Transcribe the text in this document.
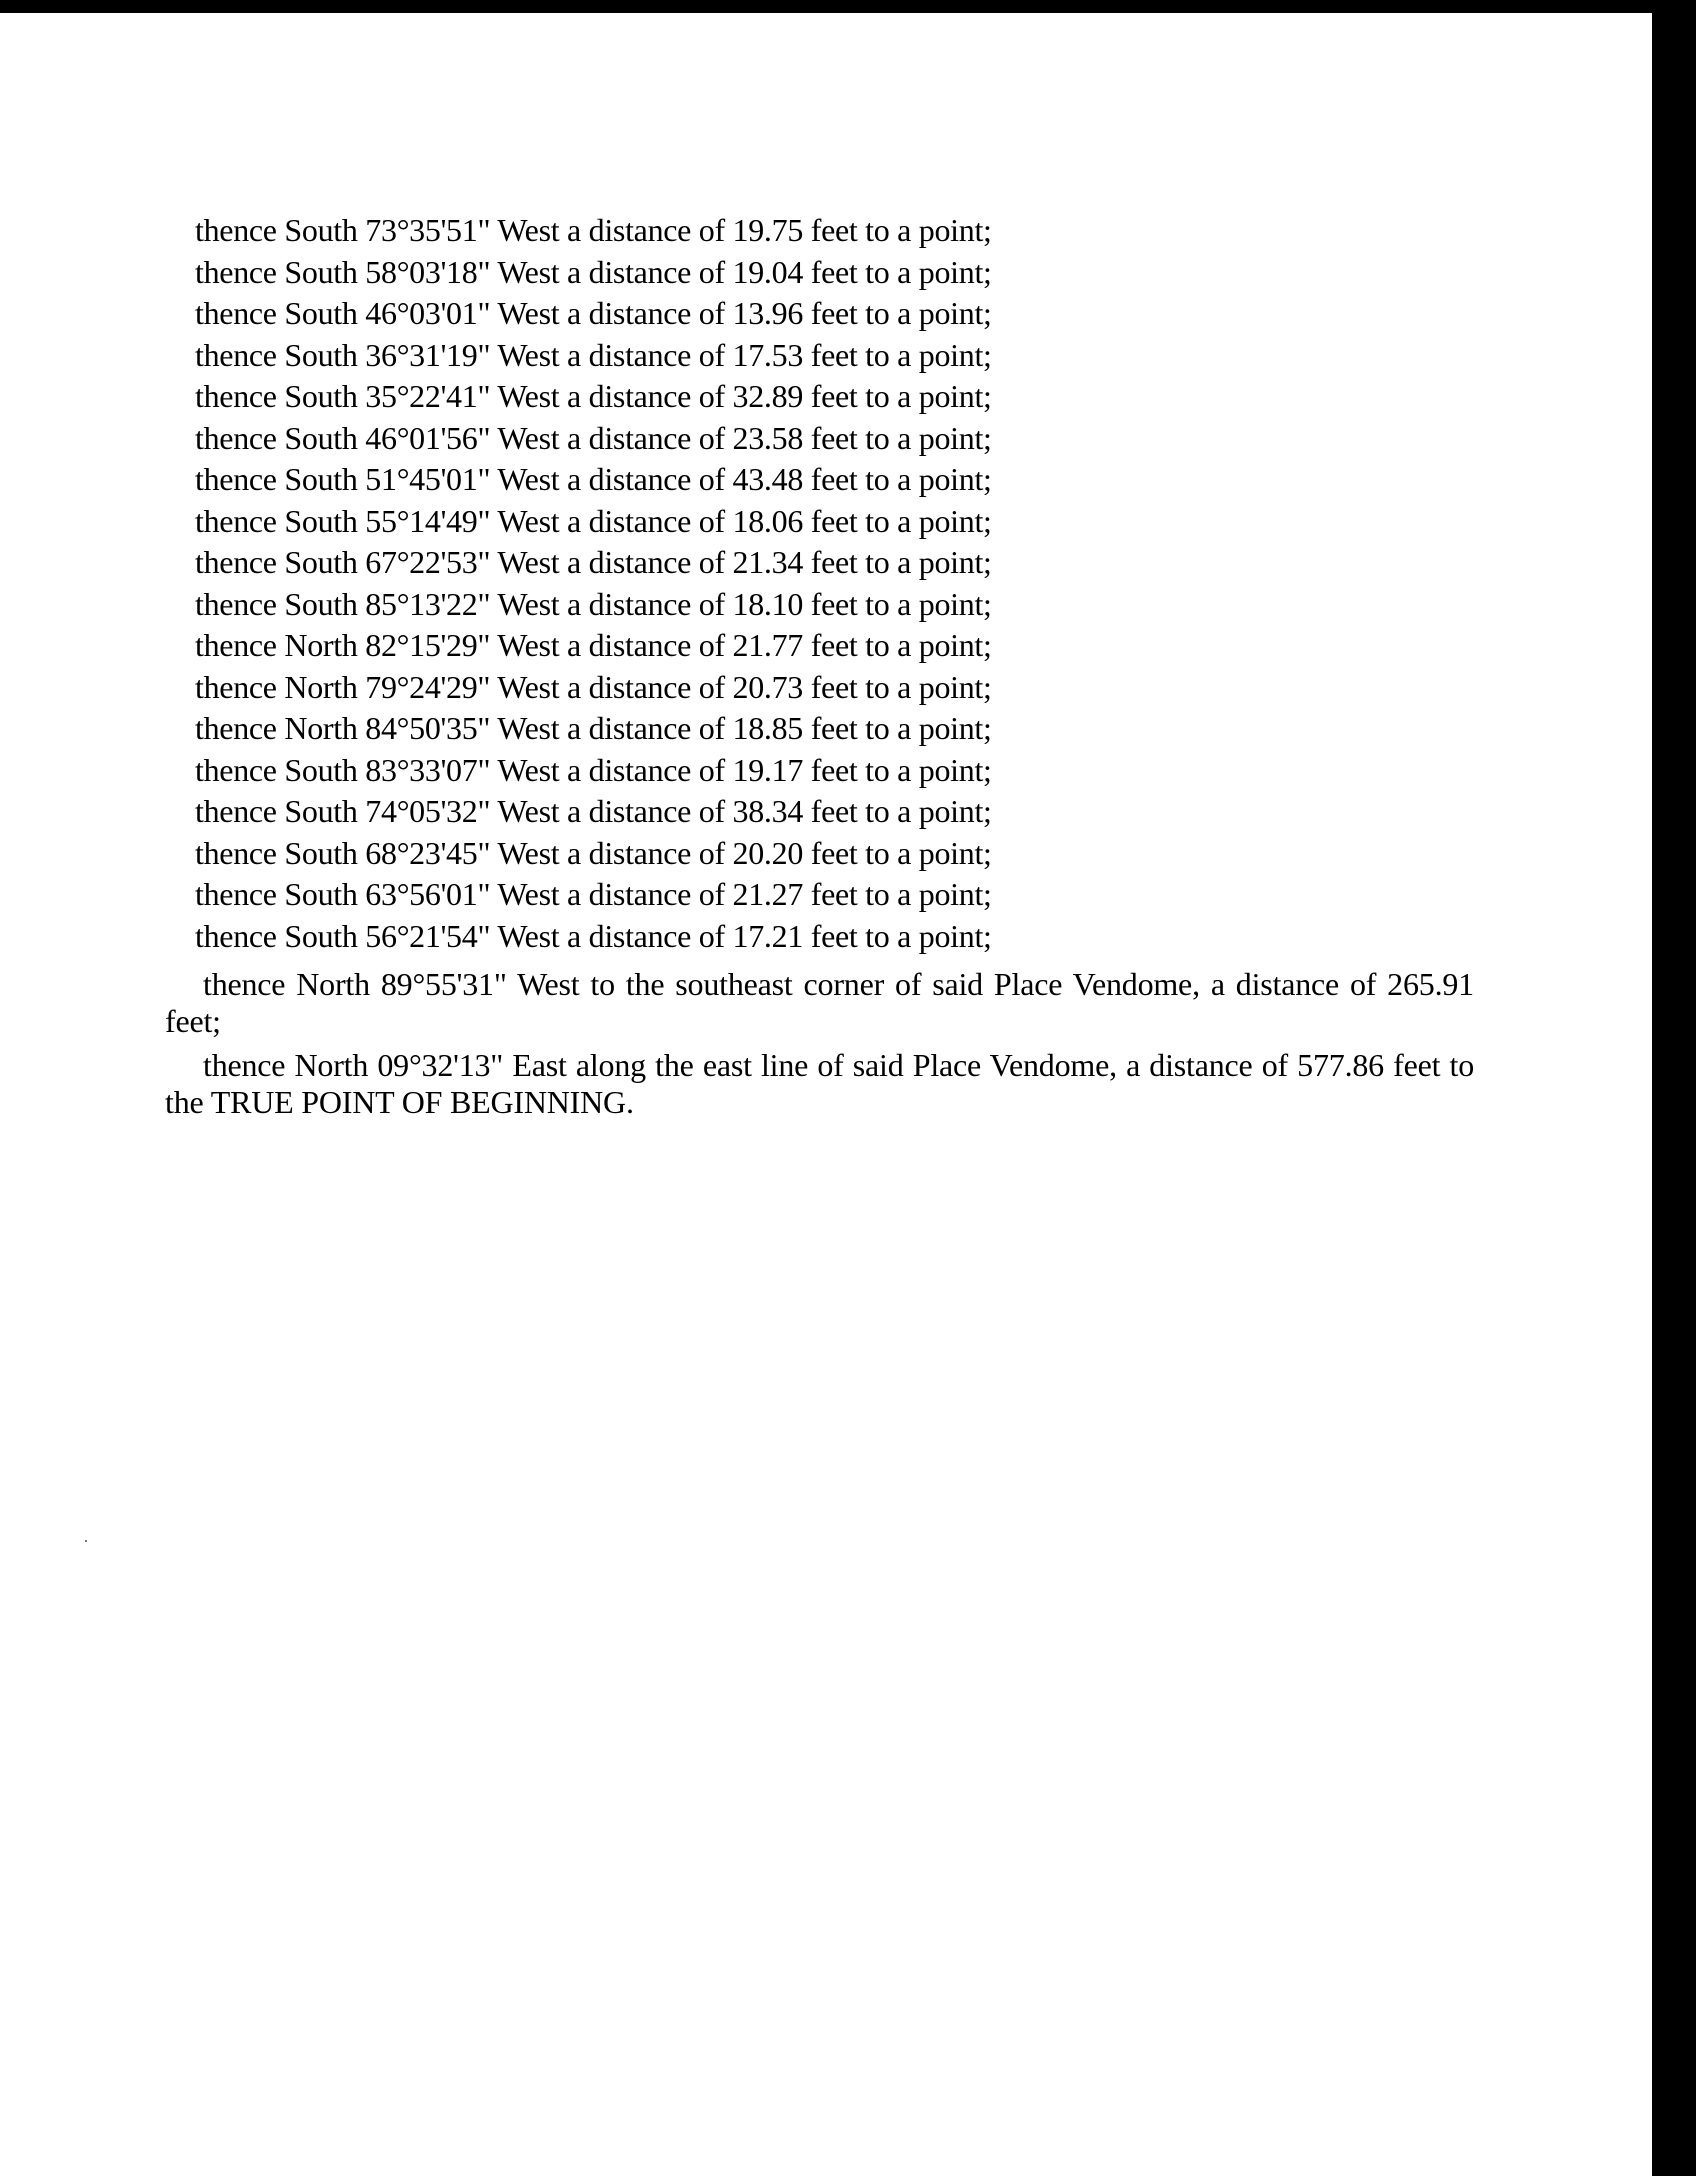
thence South 73°35'51" West a distance of 19.75 feet to a point;
thence South 58°03'18" West a distance of 19.04 feet to a point;
thence South 46°03'01" West a distance of 13.96 feet to a point;
thence South 36°31'19" West a distance of 17.53 feet to a point;
thence South 35°22'41" West a distance of 32.89 feet to a point;
thence South 46°01'56" West a distance of 23.58 feet to a point;
thence South 51°45'01" West a distance of 43.48 feet to a point;
thence South 55°14'49" West a distance of 18.06 feet to a point;
thence South 67°22'53" West a distance of 21.34 feet to a point;
thence South 85°13'22" West a distance of 18.10 feet to a point;
thence North 82°15'29" West a distance of 21.77 feet to a point;
thence North 79°24'29" West a distance of 20.73 feet to a point;
thence North 84°50'35" West a distance of 18.85 feet to a point;
thence South 83°33'07" West a distance of 19.17 feet to a point;
thence South 74°05'32" West a distance of 38.34 feet to a point;
thence South 68°23'45" West a distance of 20.20 feet to a point;
thence South 63°56'01" West a distance of 21.27 feet to a point;
thence South 56°21'54" West a distance of 17.21 feet to a point;

thence North 89°55'31" West to the southeast corner of said Place Vendome, a distance of 265.91 feet;

thence North 09°32'13" East along the east line of said Place Vendome, a distance of 577.86 feet to the TRUE POINT OF BEGINNING.
